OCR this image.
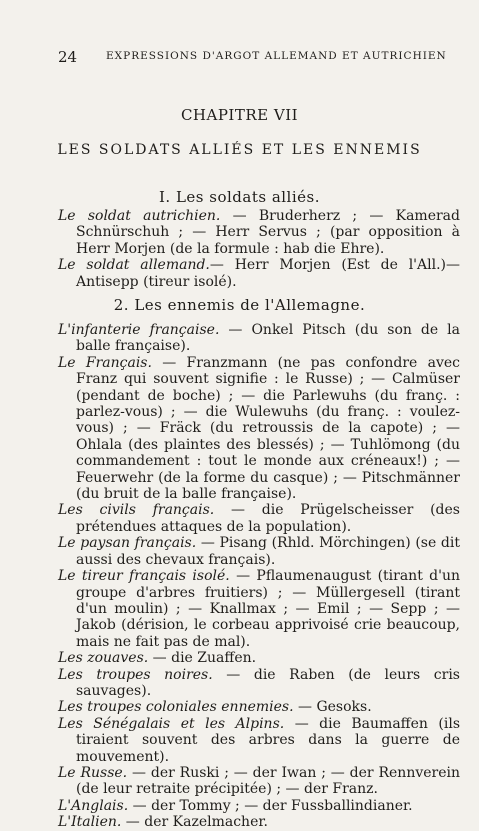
24	EXPRESSIONS D'ARGOT ALLEMAND ET AUTRICHIEN
CHAPITRE VII
LES SOLDATS ALLIÉS ET LES ENNEMIS
I. Les soldats alliés.

Le soldat autrichien. — Bruderherz ; — Kamerad Schnürschuh ; — Herr Servus ; (par opposition à Herr Morjen (de la formule : hab die Ehre).

Le soldat allemand.— Herr Morjen (Est de l'All.)— Antisepp (tireur isolé).

2. Les ennemis de l'Allemagne.

L'infanterie française. — Onkel Pitsch (du son de la balle française).

Le Français. — Franzmann (ne pas confondre avec Franz qui souvent signifie : le Russe) ; — Calmüser (pendant de boche) ; — die Parlewuhs (du franç. : parlez-vous) ; — die Wulewuhs (du franç. : voulez-vous) ; — Fräck (du retroussis de la capote) ; — Ohlala (des plaintes des blessés) ; — Tuhlömong (du commandement : tout le monde aux créneaux!) ; — Feuerwehr (de la forme du casque) ; — Pitschmänner (du bruit de la balle française).

Les civils français. — die Prügelscheisser (des prétendues attaques de la population).

Le paysan français. — Pisang (Rhld. Mörchingen) (se dit aussi des chevaux français).

Le tireur français isolé. — Pflaumenaugust (tirant d'un groupe d'arbres fruitiers) ; — Müllergesell (tirant d'un moulin) ; — Knallmax ; — Emil ; — Sepp ; — Jakob (dérision, le corbeau apprivoisé crie beaucoup, mais ne fait pas de mal).

Les zouaves. — die Zuaffen.

Les troupes noires. — die Raben (de leurs cris sauvages).

Les troupes coloniales ennemies. — Gesoks.

Les Sénégalais et les Alpins. — die Baumaffen (ils tiraient souvent des arbres dans la guerre de mouvement).

Le Russe. — der Ruski ; — der Iwan ; — der Rennverein (de leur retraite précipitée) ; — der Franz.

L'Anglais. — der Tommy ; — der Fussballindianer.

L'Italien. — der Kazelmacher.
